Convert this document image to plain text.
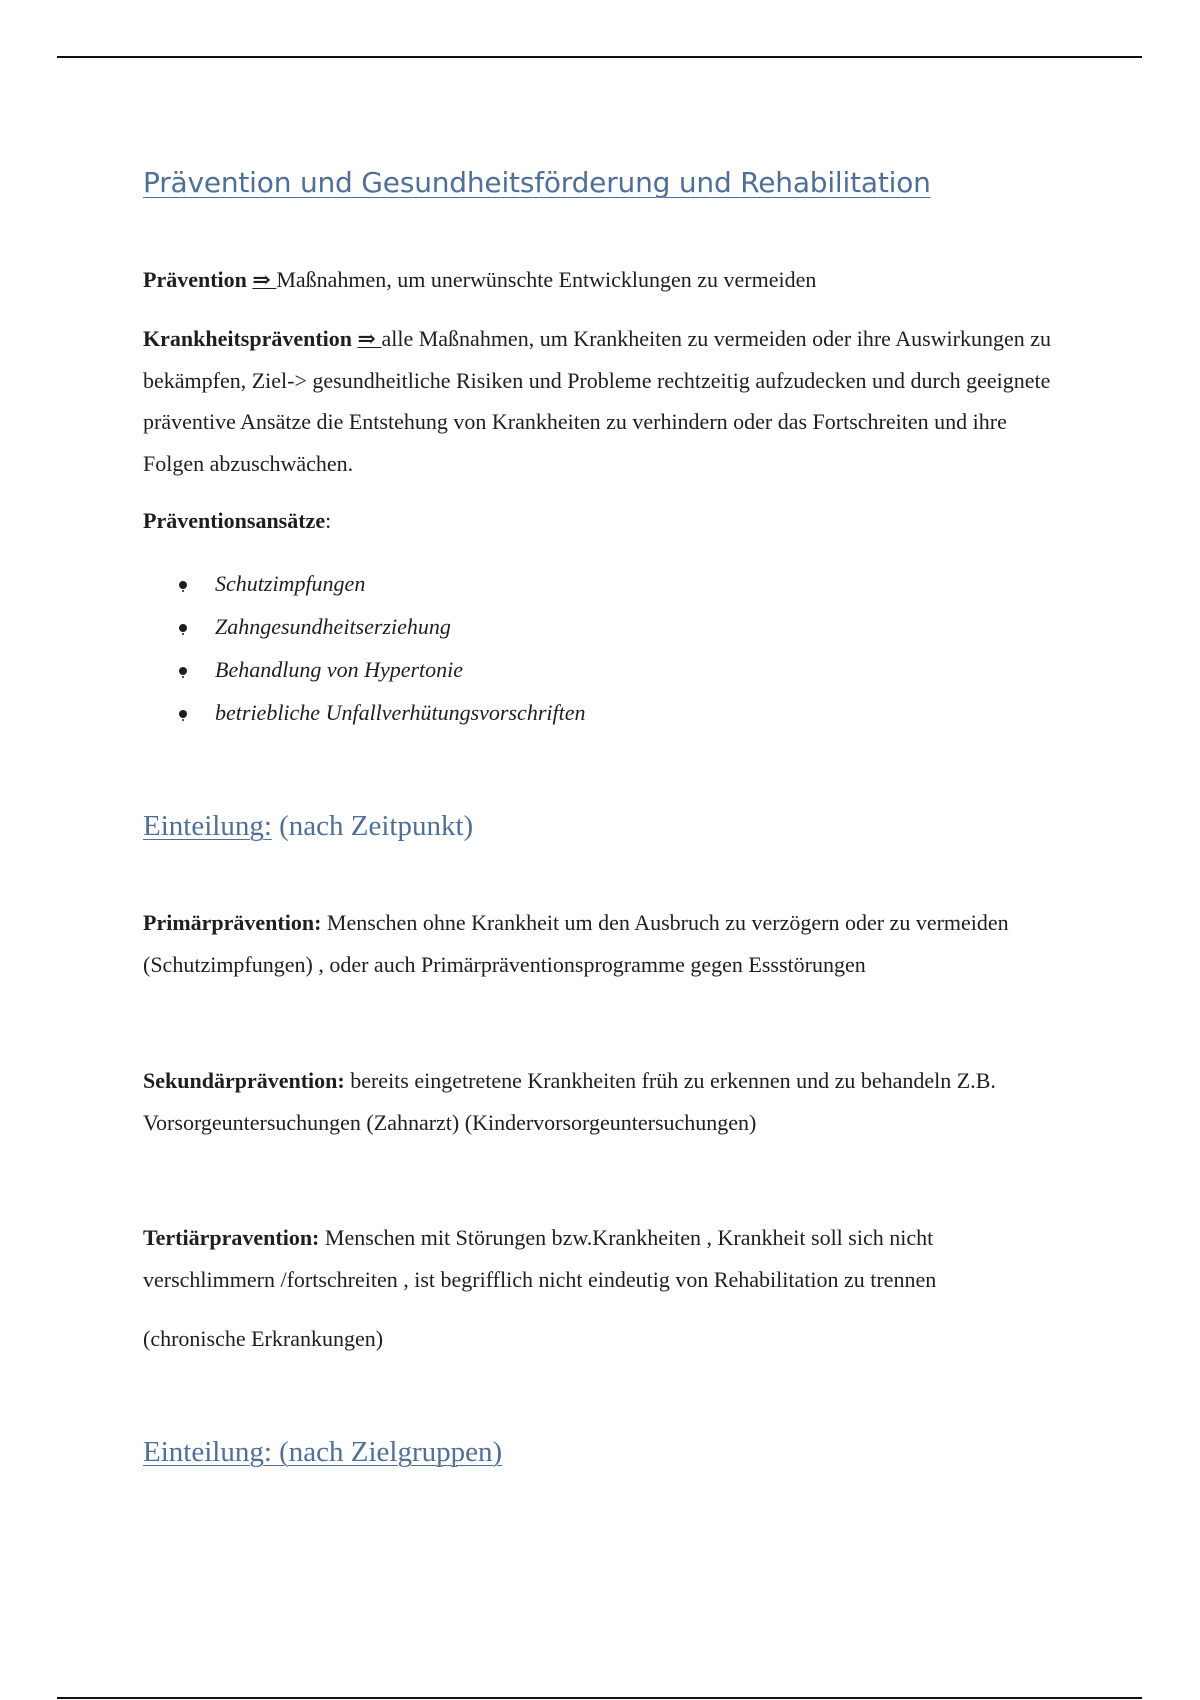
Prävention und Gesundheitsförderung und Rehabilitation

Prävention ⇒ Maßnahmen, um unerwünschte Entwicklungen zu vermeiden

Krankheitsprävention ⇒ alle Maßnahmen, um Krankheiten zu vermeiden oder ihre Auswirkungen zu bekämpfen, Ziel-> gesundheitliche Risiken und Probleme rechtzeitig aufzudecken und durch geeignete präventive Ansätze die Entstehung von Krankheiten zu verhindern oder das Fortschreiten und ihre Folgen abzuschwächen.

Präventionsansätze:

Schutzimpfungen
Zahngesundheitserziehung
Behandlung von Hypertonie
betriebliche Unfallverhütungsvorschriften
Einteilung: (nach Zeitpunkt)

Primärprävention: Menschen ohne Krankheit um den Ausbruch zu verzögern oder zu vermeiden (Schutzimpfungen) , oder auch Primärpräventionsprogramme gegen Essstörungen

Sekundärprävention: bereits eingetretene Krankheiten früh zu erkennen und zu behandeln Z.B. Vorsorgeuntersuchungen (Zahnarzt) (Kindervorsorgeuntersuchungen)

Tertiärpravention: Menschen mit Störungen bzw.Krankheiten , Krankheit soll sich nicht verschlimmern /fortschreiten , ist begrifflich nicht eindeutig von Rehabilitation zu trennen

(chronische Erkrankungen)

Einteilung: (nach Zielgruppen)
